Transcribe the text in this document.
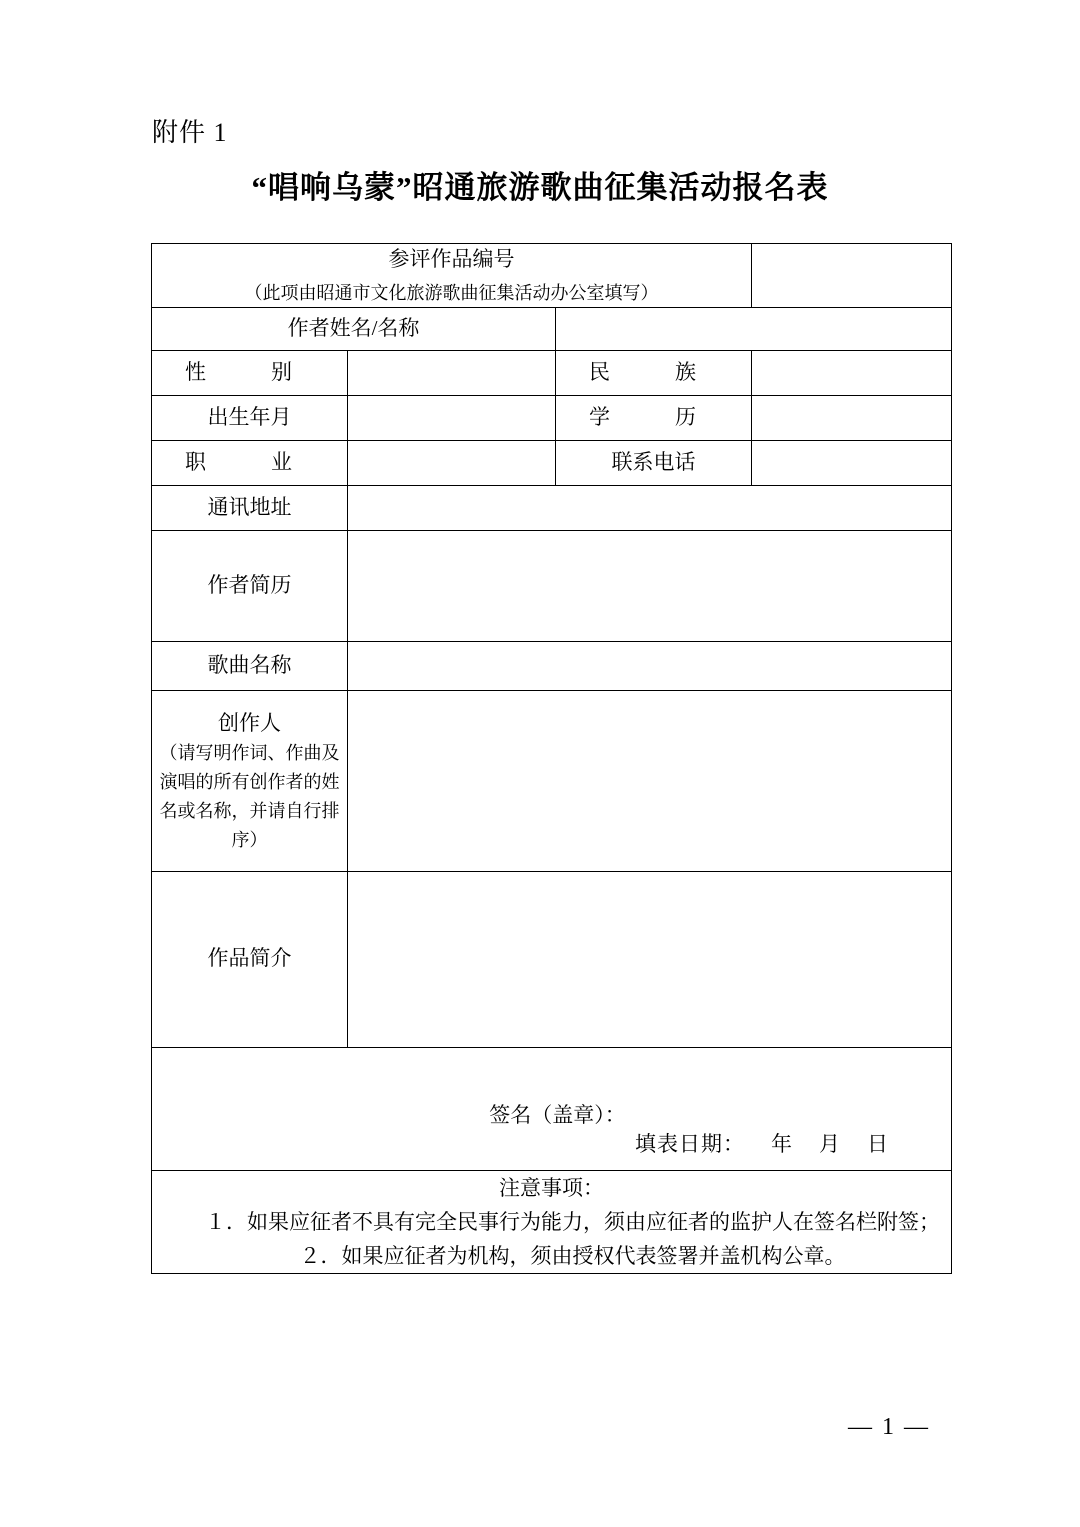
附件 1
“唱响乌蒙”昭通旅游歌曲征集活动报名表
参评作品编号
（此项由昭通市文化旅游歌曲征集活动办公室填写）			

作者姓名/名称			
性　别		民　族	
出生年月		学　历	
职　业		联系电话	
通讯地址			
作者简历			
歌曲名称			
创作人
（请写明作词、作曲及演唱的所有创作者的姓名或名称，并请自行排序）			

作品简介			

签名（盖章）：
填表日期： 年 月 日			

注意事项：
１．如果应征者不具有完全民事行为能力，须由应征者的监护人在签名栏附签；
２．如果应征者为机构，须由授权代表签署并盖机构公章。			
— 1 —
